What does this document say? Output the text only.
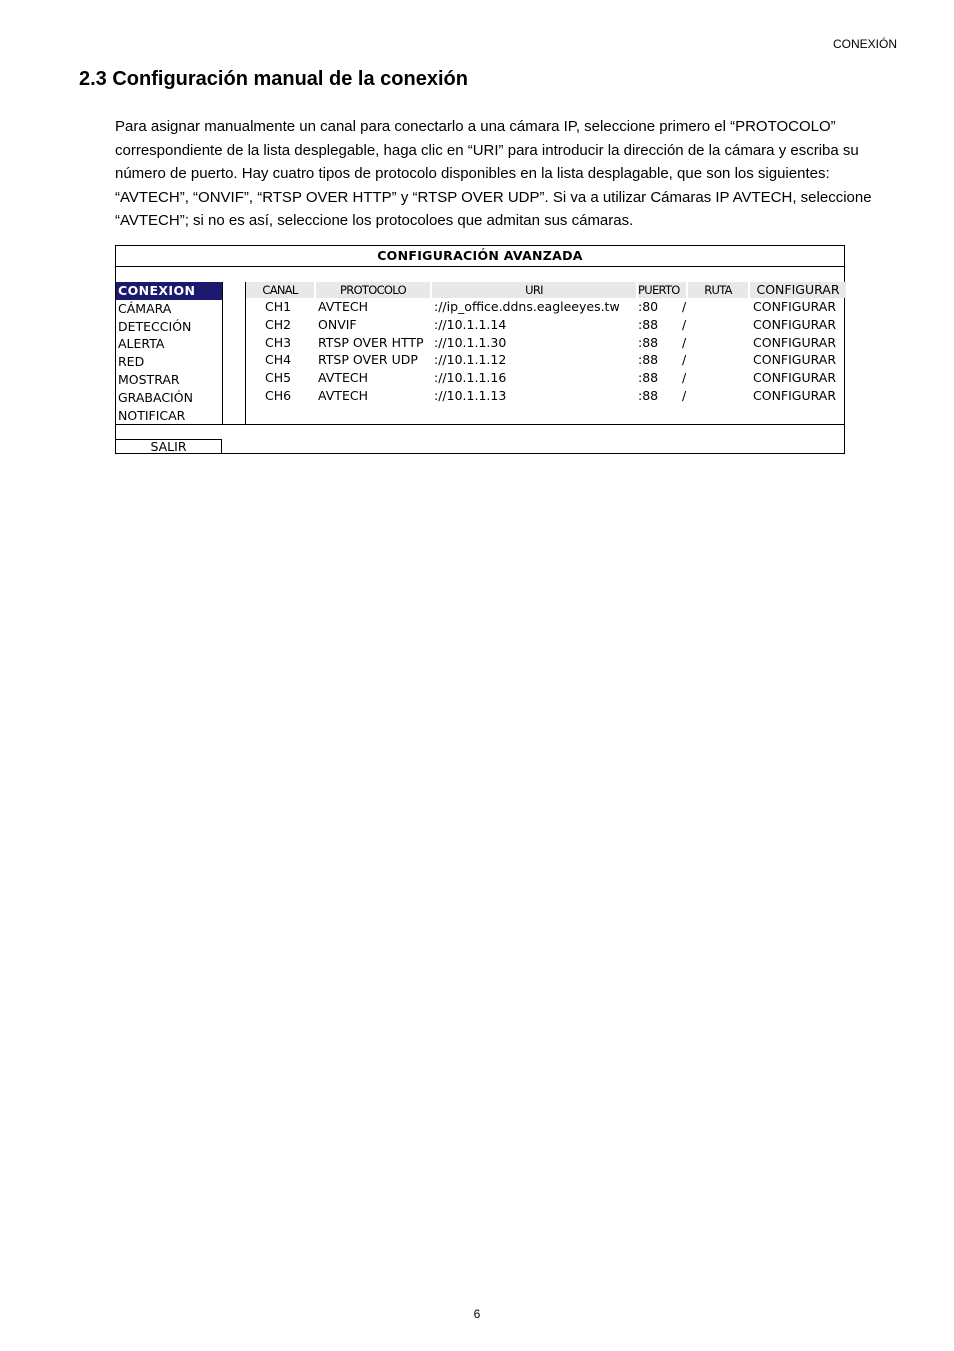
CONEXIÓN
2.3 Configuración manual de la conexión

Para asignar manualmente un canal para conectarlo a una cámara IP, seleccione primero el “PROTOCOLO” correspondiente de la lista desplegable, haga clic en “URI” para introducir la dirección de la cámara y escriba su número de puerto. Hay cuatro tipos de protocolo disponibles en la lista desplagable, que son los siguientes: “AVTECH”, “ONVIF”, “RTSP OVER HTTP” y “RTSP OVER UDP”. Si va a utilizar Cámaras IP AVTECH, seleccione “AVTECH”; si no es así, seleccione los protocoloes que admitan sus cámaras.

CONFIGURACIÓN AVANZADA
CONEXION
CÁMARA
DETECCIÓN
ALERTA
RED
MOSTRAR
GRABACIÓN
NOTIFICAR
CANAL	PROTOCOLO	URI	PUERTO	RUTA	CONFIGURAR
CH1 AVTECH	://ip_office.ddns.eagleeyes.tw :80 /	CONFIGURAR
CH2 ONVIF	://10.1.1.14	:88 /	CONFIGURAR
CH3 RTSP OVER HTTP ://10.1.1.30	:88 /	CONFIGURAR
CH4 RTSP OVER UDP ://10.1.1.12	:88 /	CONFIGURAR
CH5 AVTECH	://10.1.1.16	:88 /	CONFIGURAR
CH6 AVTECH	://10.1.1.13	:88 /	CONFIGURAR
SALIR
6
